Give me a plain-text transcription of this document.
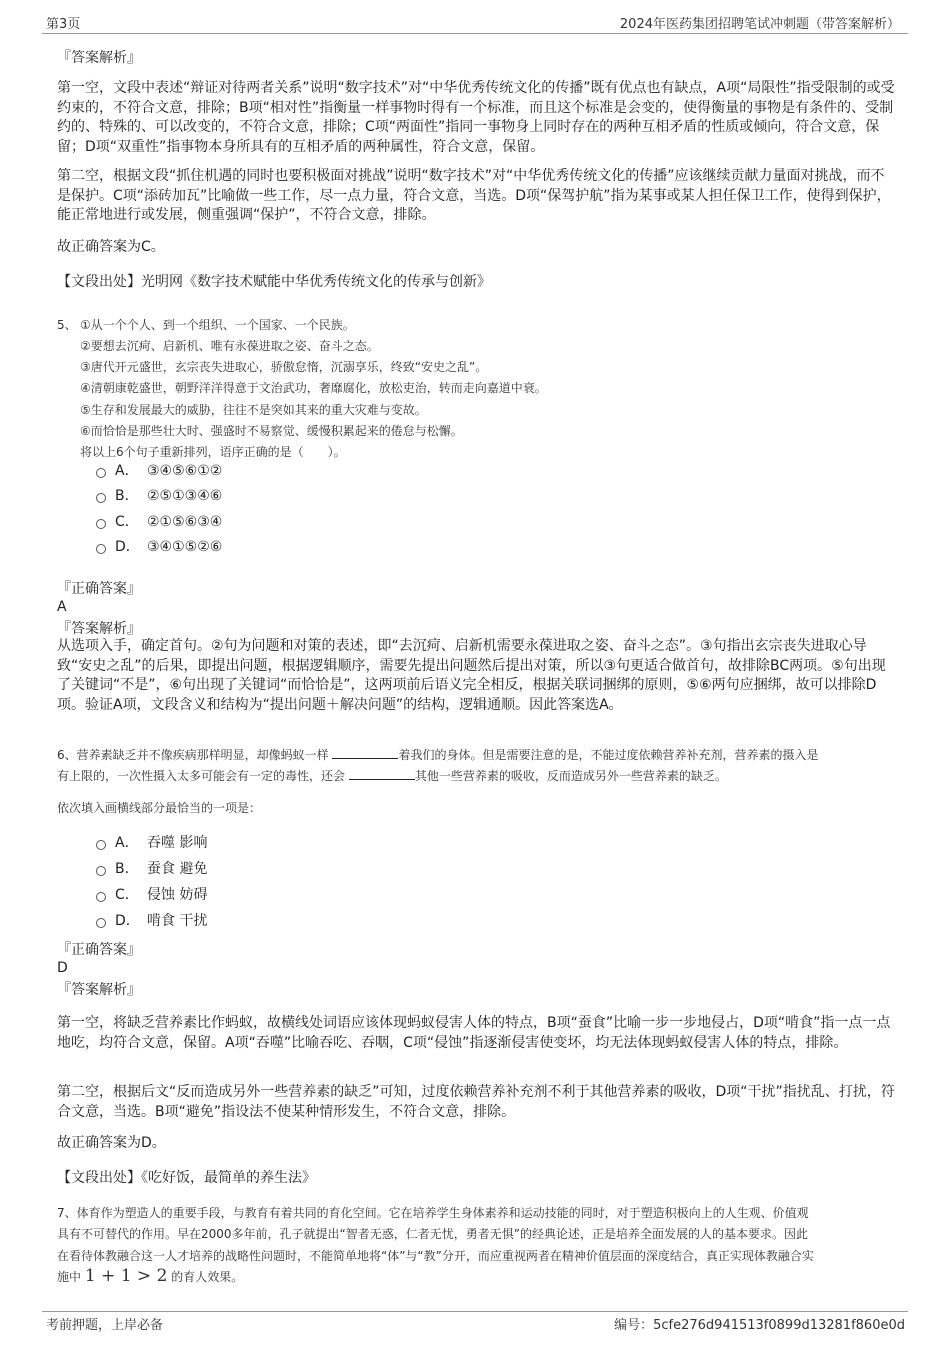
第3页	2024年医药集团招聘笔试冲刺题（带答案解析）
『答案解析』
第一空，文段中表述“辩证对待两者关系”说明“数字技术”对“中华优秀传统文化的传播”既有优点也有缺点，A项“局限性”指受限制的或受约束的，不符合文意，排除；B项“相对性”指衡量一样事物时得有一个标准，而且这个标准是会变的，使得衡量的事物是有条件的、受制约的、特殊的、可以改变的，不符合文意，排除；C项“两面性”指同一事物身上同时存在的两种互相矛盾的性质或倾向，符合文意，保留；D项“双重性”指事物本身所具有的互相矛盾的两种属性，符合文意，保留。
第二空，根据文段“抓住机遇的同时也要积极面对挑战”说明“数字技术”对“中华优秀传统文化的传播”应该继续贡献力量面对挑战，而不是保护。C项“添砖加瓦”比喻做一些工作，尽一点力量，符合文意，当选。D项“保驾护航”指为某事或某人担任保卫工作，使得到保护，能正常地进行或发展，侧重强调“保护”，不符合文意，排除。
故正确答案为C。
【文段出处】光明网《数字技术赋能中华优秀传统文化的传承与创新》
5、 ①从一个个人、到一个组织、一个国家、一个民族。
②要想去沉疴、启新机、唯有永葆进取之姿、奋斗之态。
③唐代开元盛世，玄宗丧失进取心，骄傲怠惰，沉溺享乐，终致“安史之乱”。
④清朝康乾盛世，朝野洋洋得意于文治武功，奢靡腐化，放松吏治，转而走向嘉道中衰。
⑤生存和发展最大的威胁，往往不是突如其来的重大灾难与变故。
⑥而恰恰是那些壮大时、强盛时不易察觉、缓慢积累起来的倦怠与松懈。
将以上6个句子重新排列，语序正确的是（　　）。
A． ③④⑤⑥①②
B． ②⑤①③④⑥
C． ②①⑤⑥③④
D． ③④①⑤②⑥
『正确答案』
A
『答案解析』
从选项入手，确定首句。②句为问题和对策的表述，即“去沉疴、启新机需要永葆进取之姿、奋斗之态”。③句指出玄宗丧失进取心导致“安史之乱”的后果，即提出问题，根据逻辑顺序，需要先提出问题然后提出对策，所以③句更适合做首句，故排除BC两项。⑤句出现了关键词“不是”，⑥句出现了关键词“而恰恰是”，这两项前后语义完全相反，根据关联词捆绑的原则，⑤⑥两句应捆绑，故可以排除D项。验证A项，文段含义和结构为“提出问题＋解决问题”的结构，逻辑通顺。因此答案选A。
6、营养素缺乏并不像疾病那样明显，却像蚂蚁一样	着我们的身体。但是需要注意的是，不能过度依赖营养补充剂，营养素的摄入是
有上限的，一次性摄入太多可能会有一定的毒性，还会	其他一些营养素的吸收，反而造成另外一些营养素的缺乏。
依次填入画横线部分最恰当的一项是：
A． 吞噬 影响
B． 蚕食 避免
C． 侵蚀 妨碍
D． 啃食 干扰
『正确答案』
D
『答案解析』
第一空，将缺乏营养素比作蚂蚁，故横线处词语应该体现蚂蚁侵害人体的特点，B项“蚕食”比喻一步一步地侵占，D项“啃食”指一点一点地吃，均符合文意，保留。A项“吞噬”比喻吞吃、吞咽，C项“侵蚀”指逐渐侵害使变坏，均无法体现蚂蚁侵害人体的特点，排除。
第二空，根据后文“反而造成另外一些营养素的缺乏”可知，过度依赖营养补充剂不利于其他营养素的吸收，D项“干扰”指扰乱、打扰，符合文意，当选。B项“避免”指设法不使某种情形发生，不符合文意，排除。
故正确答案为D。
【文段出处】《吃好饭，最简单的养生法》
7、体育作为塑造人的重要手段，与教育有着共同的育化空间。它在培养学生身体素养和运动技能的同时，对于塑造积极向上的人生观、价值观
具有不可替代的作用。早在2000多年前，孔子就提出“智者无惑，仁者无忧，勇者无惧”的经典论述，正是培养全面发展的人的基本要求。因此
在看待体教融合这一人才培养的战略性问题时，不能简单地将“体”与“教”分开，而应重视两者在精神价值层面的深度结合，真正实现体教融合实
施中 1 + 1 > 2 的育人效果。
考前押题，上岸必备	编号：5cfe276d941513f0899d13281f860e0d
